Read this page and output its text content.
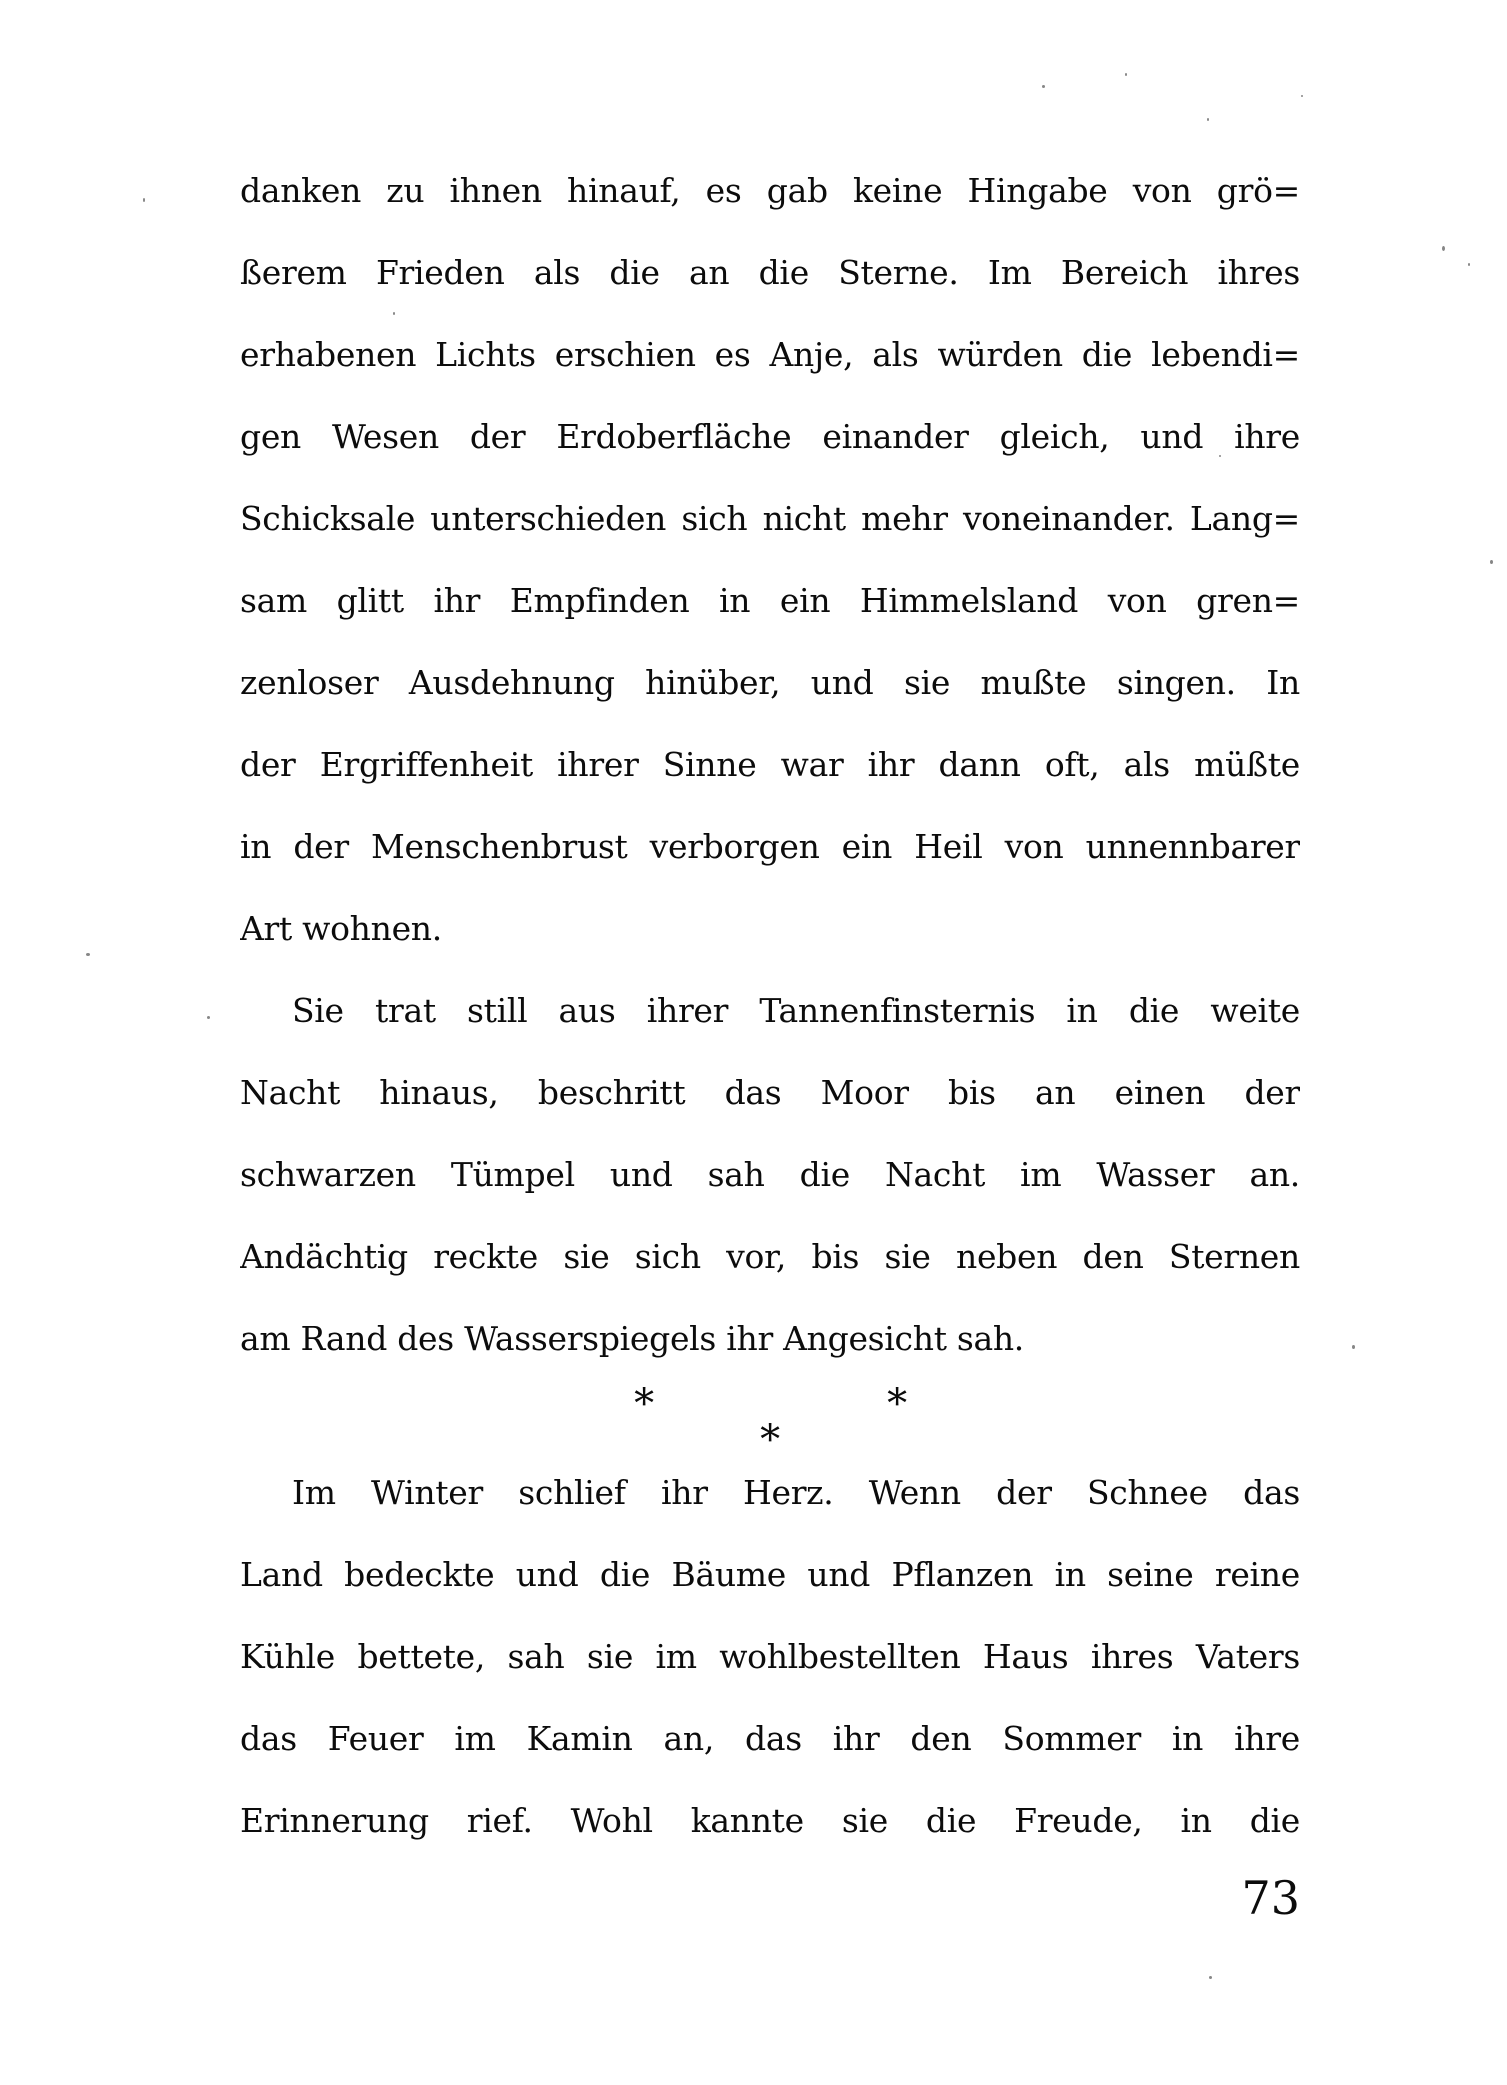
danken zu ihnen hinauf, es gab keine Hingabe von grö=
ßerem Frieden als die an die Sterne. Im Bereich ihres
erhabenen Lichts erschien es Anje, als würden die lebendi=
gen Wesen der Erdoberfläche einander gleich, und ihre
Schicksale unterschieden sich nicht mehr voneinander. Lang=
sam glitt ihr Empfinden in ein Himmelsland von gren=
zenloser Ausdehnung hinüber, und sie mußte singen. In
der Ergriffenheit ihrer Sinne war ihr dann oft, als müßte
in der Menschenbrust verborgen ein Heil von unnennbarer
Art wohnen.
Sie trat still aus ihrer Tannenfinsternis in die weite
Nacht hinaus, beschritt das Moor bis an einen der
schwarzen Tümpel und sah die Nacht im Wasser an.
Andächtig reckte sie sich vor, bis sie neben den Sternen
am Rand des Wasserspiegels ihr Angesicht sah.
*	*
*
Im Winter schlief ihr Herz. Wenn der Schnee das
Land bedeckte und die Bäume und Pflanzen in seine reine
Kühle bettete, sah sie im wohlbestellten Haus ihres Vaters
das Feuer im Kamin an, das ihr den Sommer in ihre
Erinnerung rief. Wohl kannte sie die Freude, in die
73
